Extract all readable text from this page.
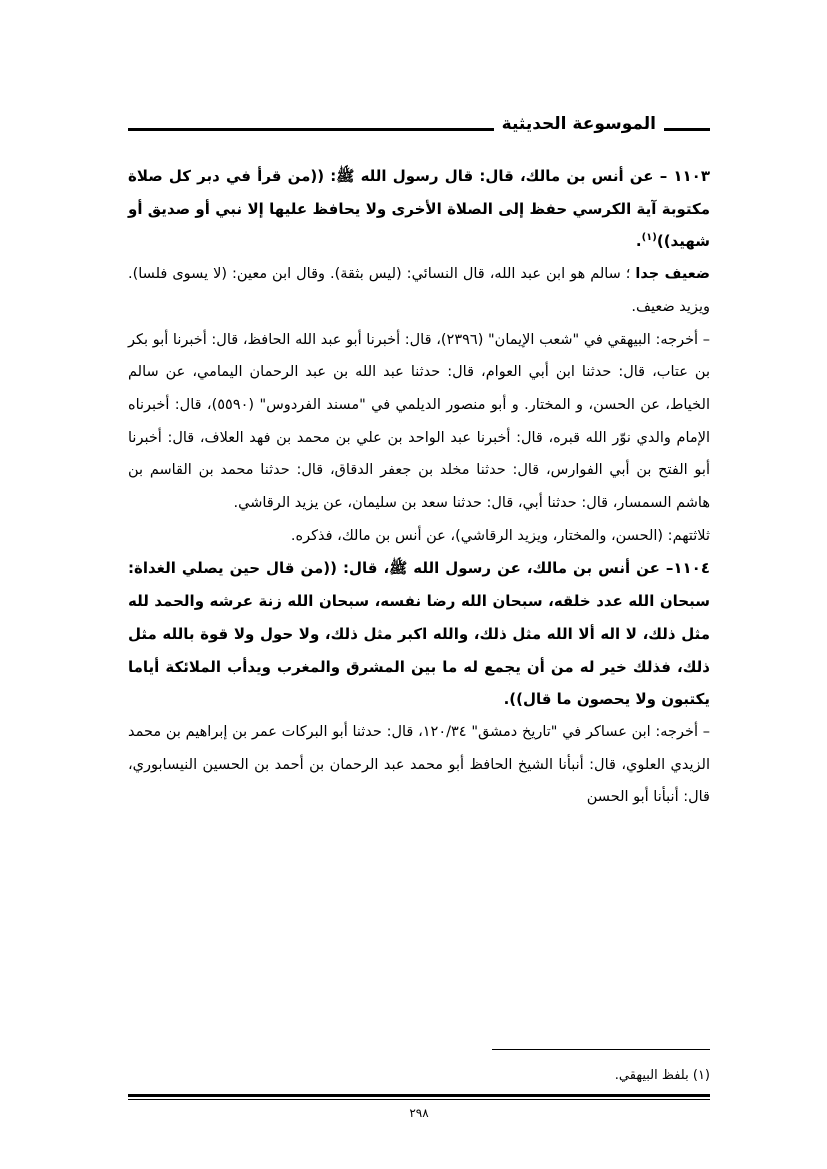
الموسوعة الحديثية

١١٠٣ – عن أنس بن مالك، قال: قال رسول الله ﷺ: ((من قرأ في دبر كل صلاة مكتوبة آية الكرسي حفظ إلى الصلاة الأخرى ولا يحافظ عليها إلا نبي أو صديق أو شهيد))$^{(١)}$.

ضعيف جدا ؛ سالم هو ابن عبد الله، قال النسائي: (ليس بثقة). وقال ابن معين: (لا يسوى فلسا). ويزيد ضعيف.

– أخرجه: البيهقي في "شعب الإيمان" (٢٣٩٦)، قال: أخبرنا أبو عبد الله الحافظ، قال: أخبرنا أبو بكر بن عتاب، قال: حدثنا ابن أبي العوام، قال: حدثنا عبد الله بن عبد الرحمان اليمامي، عن سالم الخياط، عن الحسن، و المختار. و أبو منصور الديلمي في "مسند الفردوس" (٥٥٩٠)، قال: أخبرناه الإمام والدي نوّر الله قبره، قال: أخبرنا عبد الواحد بن علي بن محمد بن فهد العلاف، قال: أخبرنا أبو الفتح بن أبي الفوارس، قال: حدثنا مخلد بن جعفر الدقاق، قال: حدثنا محمد بن القاسم بن هاشم السمسار، قال: حدثنا أبي، قال: حدثنا سعد بن سليمان، عن يزيد الرقاشي.

ثلاثتهم: (الحسن، والمختار، ويزيد الرقاشي)، عن أنس بن مالك، فذكره.

١١٠٤– عن أنس بن مالك، عن رسول الله ﷺ، قال: ((من قال حين يصلي الغداة: سبحان الله عدد خلقه، سبحان الله رضا نفسه، سبحان الله زنة عرشه والحمد لله مثل ذلك، لا اله ألا الله مثل ذلك، والله اكبر مثل ذلك، ولا حول ولا قوة بالله مثل ذلك، فذلك خير له من أن يجمع له ما بين المشرق والمغرب ويدأب الملائكة أياما يكتبون ولا يحصون ما قال)).

– أخرجه: ابن عساكر في "تاريخ دمشق" ١٢٠/٣٤، قال: حدثنا أبو البركات عمر بن إبراهيم بن محمد الزيدي العلوي، قال: أنبأنا الشيخ الحافظ أبو محمد عبد الرحمان بن أحمد بن الحسين النيسابوري، قال: أنبأنا أبو الحسن

(١) بلفظ البيهقي.
٢٩٨
